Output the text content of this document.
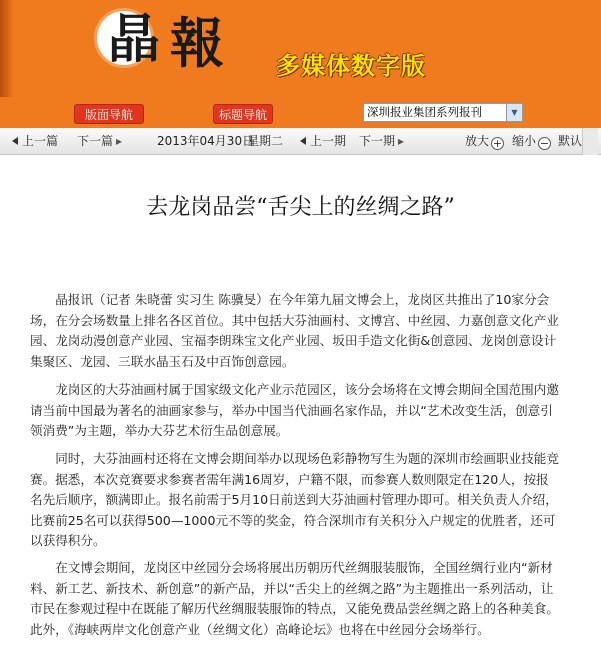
晶 報 多媒体数字版
版面导航	标题导航	深圳报业集团系列报刊	▼
上一篇 下一篇 ▸	2013年04月30日
星期二	上一期 下一期 ▸	放大 + 缩小 − 默认
去龙岗品尝“舌尖上的丝绸之路”

晶报讯（记者 朱晓蕾 实习生 陈骥旻）在今年第九届文博会上，龙岗区共推出了10家分会场，在分会场数量上排名各区首位。其中包括大芬油画村、文博宫、中丝园、力嘉创意文化产业园、龙岗动漫创意产业园、宝福李朗珠宝文化产业园、坂田手造文化街&创意园、龙岗创意设计集聚区、龙园、三联水晶玉石及中百饰创意园。

龙岗区的大芬油画村属于国家级文化产业示范园区，该分会场将在文博会期间全国范围内邀请当前中国最为著名的油画家参与，举办中国当代油画名家作品，并以“艺术改变生活，创意引领消费”为主题，举办大芬艺术衍生品创意展。

同时，大芬油画村还将在文博会期间举办以现场色彩静物写生为题的深圳市绘画职业技能竞赛。据悉，本次竞赛要求参赛者需年满16周岁，户籍不限，而参赛人数则限定在120人，按报名先后顺序，额满即止。报名前需于5月10日前送到大芬油画村管理办即可。相关负责人介绍，比赛前25名可以获得500—1000元不等的奖金，符合深圳市有关积分入户规定的优胜者，还可以获得积分。

在文博会期间，龙岗区中丝园分会场将展出历朝历代丝绸服装服饰，全国丝绸行业内“新材料、新工艺、新技术、新创意”的新产品，并以“舌尖上的丝绸之路”为主题推出一系列活动，让市民在参观过程中在既能了解历代丝绸服装服饰的特点，又能免费品尝丝绸之路上的各种美食。此外，《海峡两岸文化创意产业（丝绸文化）高峰论坛》也将在中丝园分会场举行。
